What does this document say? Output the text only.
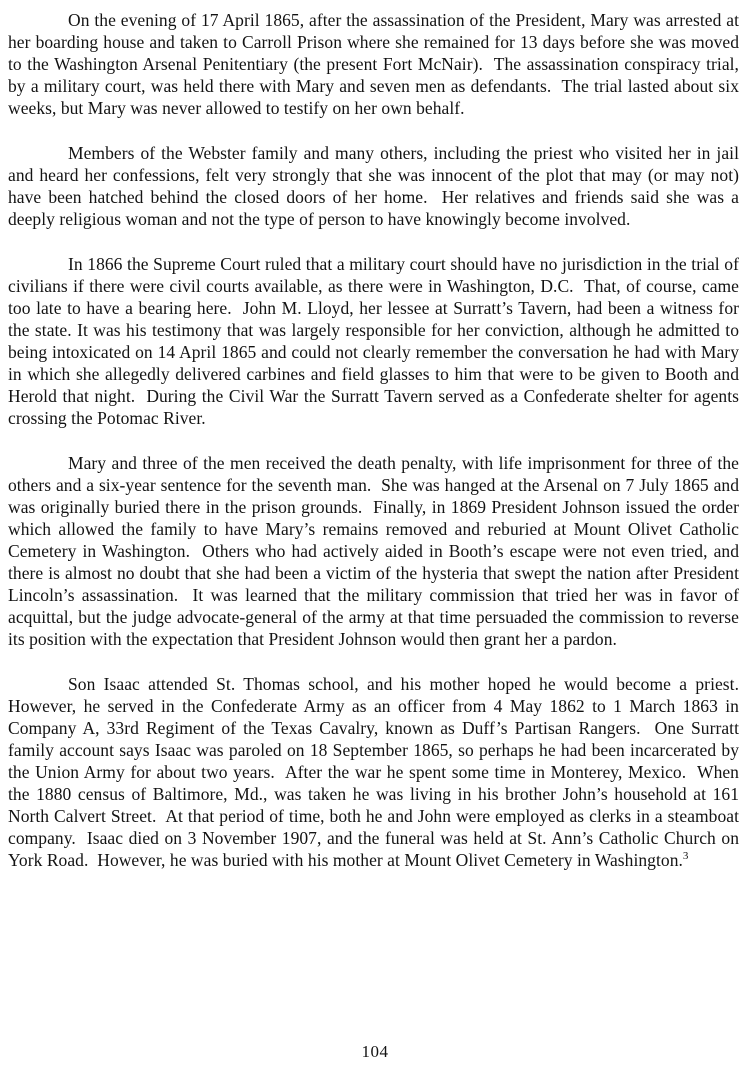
On the evening of 17 April 1865, after the assassination of the President, Mary was arrested at her boarding house and taken to Carroll Prison where she remained for 13 days before she was moved to the Washington Arsenal Penitentiary (the present Fort McNair).  The assassination conspiracy trial, by a military court, was held there with Mary and seven men as defendants.  The trial lasted about six weeks, but Mary was never allowed to testify on her own behalf.

Members of the Webster family and many others, including the priest who visited her in jail and heard her confessions, felt very strongly that she was innocent of the plot that may (or may not) have been hatched behind the closed doors of her home.  Her relatives and friends said she was a deeply religious woman and not the type of person to have knowingly become involved.

In 1866 the Supreme Court ruled that a military court should have no jurisdiction in the trial of civilians if there were civil courts available, as there were in Washington, D.C.  That, of course, came too late to have a bearing here.  John M. Lloyd, her lessee at Surratt’s Tavern, had been a witness for the state. It was his testimony that was largely responsible for her conviction, although he admitted to being intoxicated on 14 April 1865 and could not clearly remember the conversation he had with Mary in which she allegedly delivered carbines and field glasses to him that were to be given to Booth and Herold that night.  During the Civil War the Surratt Tavern served as a Confederate shelter for agents crossing the Potomac River.

Mary and three of the men received the death penalty, with life imprisonment for three of the others and a six-year sentence for the seventh man.  She was hanged at the Arsenal on 7 July 1865 and was originally buried there in the prison grounds.  Finally, in 1869 President Johnson issued the order which allowed the family to have Mary’s remains removed and reburied at Mount Olivet Catholic Cemetery in Washington.  Others who had actively aided in Booth’s escape were not even tried, and there is almost no doubt that she had been a victim of the hysteria that swept the nation after President Lincoln’s assassination.  It was learned that the military commission that tried her was in favor of acquittal, but the judge advocate-general of the army at that time persuaded the commission to reverse its position with the expectation that President Johnson would then grant her a pardon.

Son Isaac attended St. Thomas school, and his mother hoped he would become a priest.  However, he served in the Confederate Army as an officer from 4 May 1862 to 1 March 1863 in Company A, 33rd Regiment of the Texas Cavalry, known as Duff’s Partisan Rangers.  One Surratt family account says Isaac was paroled on 18 September 1865, so perhaps he had been incarcerated by the Union Army for about two years.  After the war he spent some time in Monterey, Mexico.  When the 1880 census of Baltimore, Md., was taken he was living in his brother John’s household at 161 North Calvert Street.  At that period of time, both he and John were employed as clerks in a steamboat company.  Isaac died on 3 November 1907, and the funeral was held at St. Ann’s Catholic Church on York Road.  However, he was buried with his mother at Mount Olivet Cemetery in Washington.$^3$

104
